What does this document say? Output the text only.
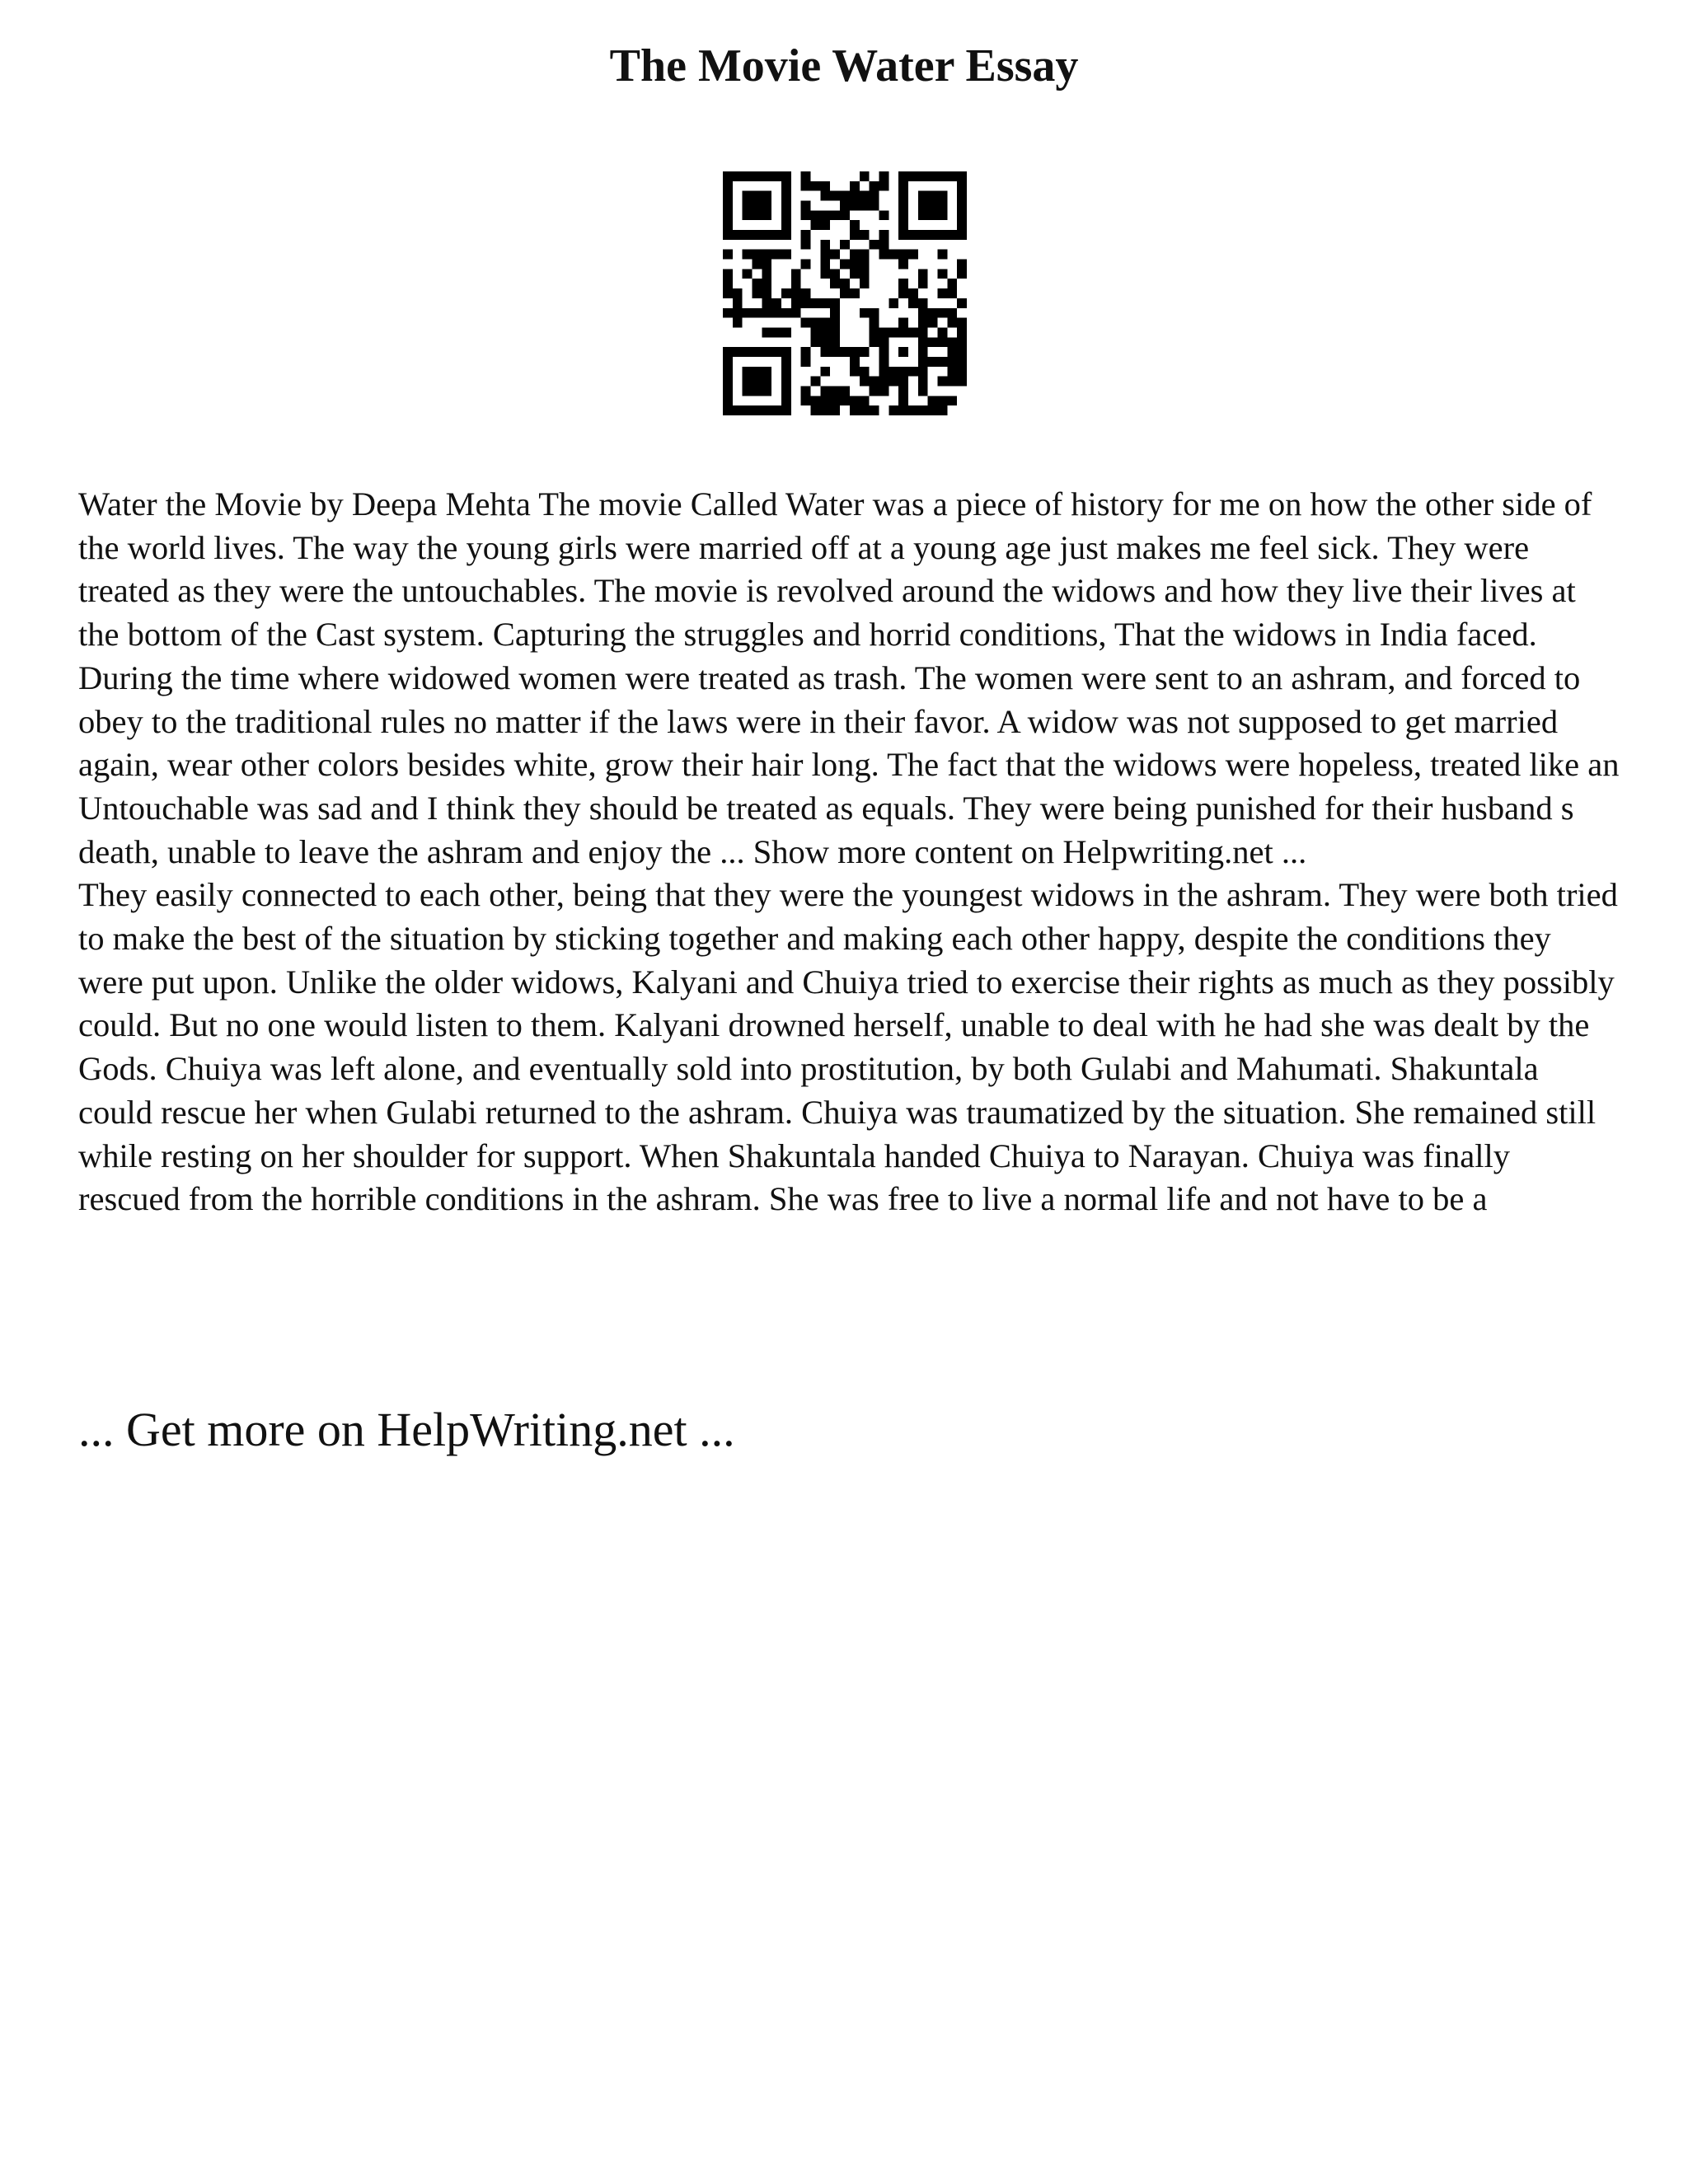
The Movie Water Essay

Water the Movie by Deepa Mehta The movie Called Water was a piece of history for me on how the other side of the world lives. The way the young girls were married off at a young age just makes me feel sick. They were treated as they were the untouchables. The movie is revolved around the widows and how they live their lives at the bottom of the Cast system. Capturing the struggles and horrid conditions, That the widows in India faced. During the time where widowed women were treated as trash. The women were sent to an ashram, and forced to obey to the traditional rules no matter if the laws were in their favor. A widow was not supposed to get married again, wear other colors besides white, grow their hair long. The fact that the widows were hopeless, treated like an Untouchable was sad and I think they should be treated as equals. They were being punished for their husband s death, unable to leave the ashram and enjoy the ... Show more content on Helpwriting.net ...

They easily connected to each other, being that they were the youngest widows in the ashram. They were both tried to make the best of the situation by sticking together and making each other happy, despite the conditions they were put upon. Unlike the older widows, Kalyani and Chuiya tried to exercise their rights as much as they possibly could. But no one would listen to them. Kalyani drowned herself, unable to deal with he had she was dealt by the Gods. Chuiya was left alone, and eventually sold into prostitution, by both Gulabi and Mahumati. Shakuntala could rescue her when Gulabi returned to the ashram. Chuiya was traumatized by the situation. She remained still while resting on her shoulder for support. When Shakuntala handed Chuiya to Narayan. Chuiya was finally rescued from the horrible conditions in the ashram. She was free to live a normal life and not have to be a

... Get more on HelpWriting.net ...
